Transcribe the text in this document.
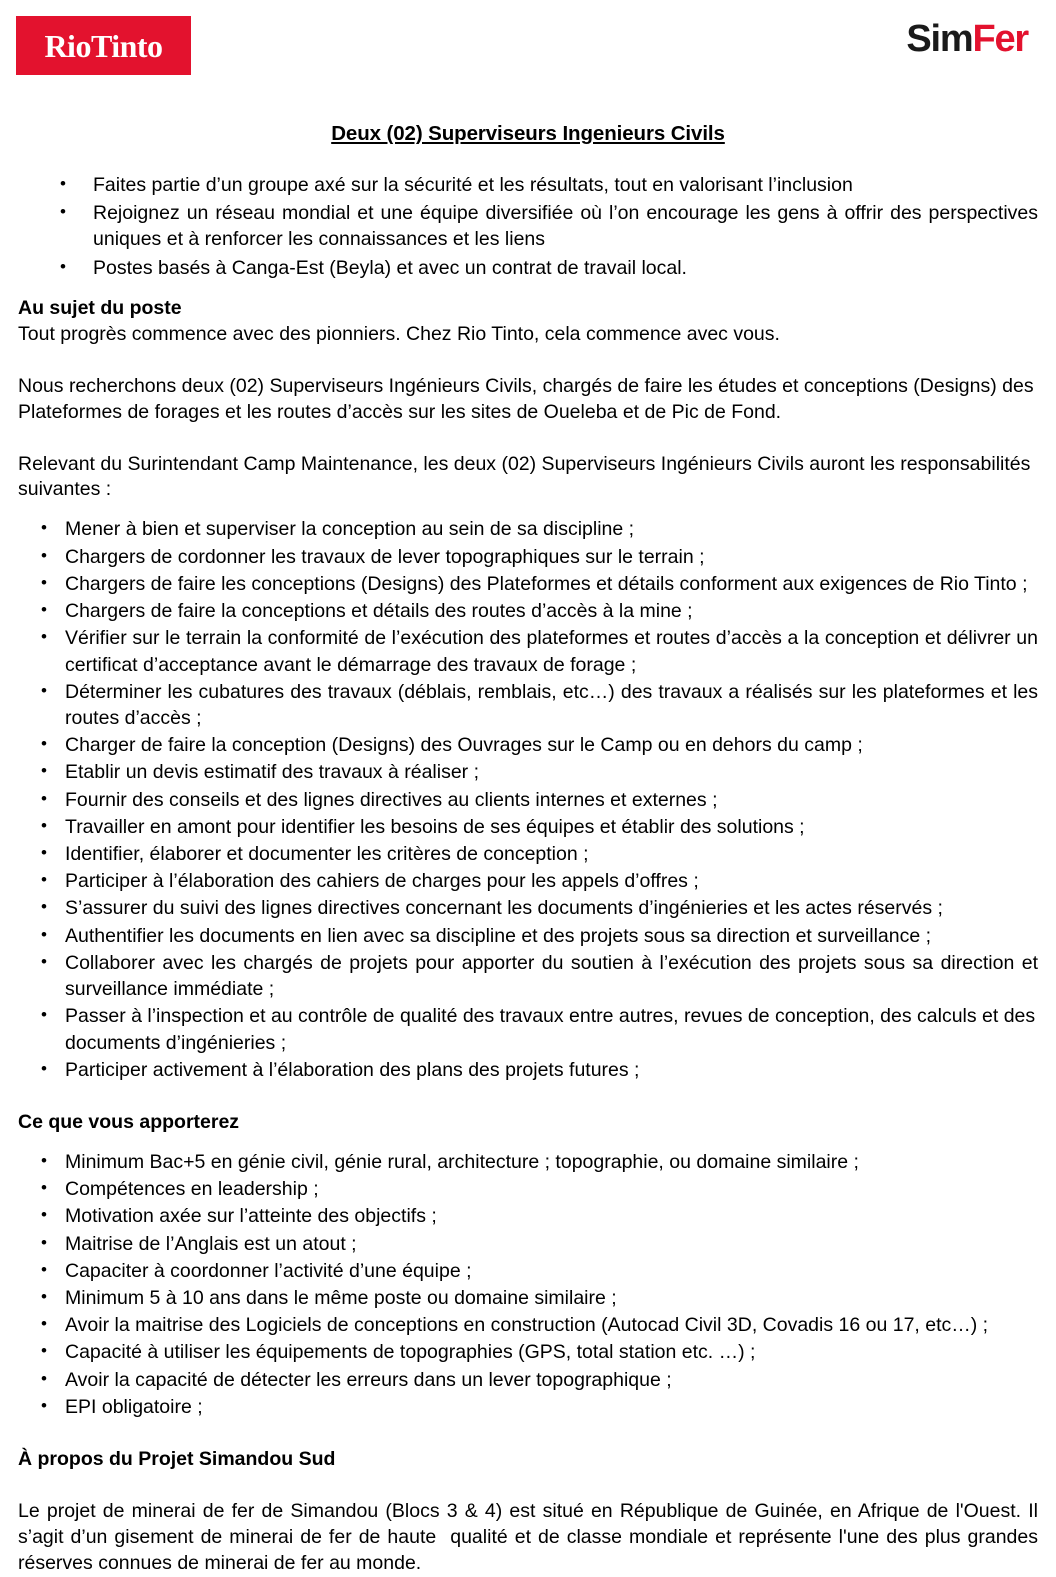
RioTinto	SimFer
Deux (02) Superviseurs Ingenieurs Civils
• Faites partie d’un groupe axé sur la sécurité et les résultats, tout en valorisant l’inclusion
• Rejoignez un réseau mondial et une équipe diversifiée où l’on encourage les gens à offrir des perspectives uniques et à renforcer les connaissances et les liens
• Postes basés à Canga-Est (Beyla) et avec un contrat de travail local.
Au sujet du poste

Tout progrès commence avec des pionniers. Chez Rio Tinto, cela commence avec vous.

Nous recherchons deux (02) Superviseurs Ingénieurs Civils, chargés de faire les études et conceptions (Designs) des Plateformes de forages et les routes d’accès sur les sites de Oueleba et de Pic de Fond.

Relevant du Surintendant Camp Maintenance, les deux (02) Superviseurs Ingénieurs Civils auront les responsabilités suivantes :

• Mener à bien et superviser la conception au sein de sa discipline ;
• Chargers de cordonner les travaux de lever topographiques sur le terrain ;
• Chargers de faire les conceptions (Designs) des Plateformes et détails conforment aux exigences de Rio Tinto ;
• Chargers de faire la conceptions et détails des routes d’accès à la mine ;
• Vérifier sur le terrain la conformité de l’exécution des plateformes et routes d’accès a la conception et délivrer un certificat d’acceptance avant le démarrage des travaux de forage ;
• Déterminer les cubatures des travaux (déblais, remblais, etc…) des travaux a réalisés sur les plateformes et les routes d’accès ;
• Charger de faire la conception (Designs) des Ouvrages sur le Camp ou en dehors du camp ;
• Etablir un devis estimatif des travaux à réaliser ;
• Fournir des conseils et des lignes directives au clients internes et externes ;
• Travailler en amont pour identifier les besoins de ses équipes et établir des solutions ;
• Identifier, élaborer et documenter les critères de conception ;
• Participer à l’élaboration des cahiers de charges pour les appels d’offres ;
• S’assurer du suivi des lignes directives concernant les documents d’ingénieries et les actes réservés ;
• Authentifier les documents en lien avec sa discipline et des projets sous sa direction et surveillance ;
• Collaborer avec les chargés de projets pour apporter du soutien à l’exécution des projets sous sa direction et surveillance immédiate ;
• Passer à l’inspection et au contrôle de qualité des travaux entre autres, revues de conception, des calculs et des documents d’ingénieries ;
• Participer activement à l’élaboration des plans des projets futures ;
Ce que vous apporterez
• Minimum Bac+5 en génie civil, génie rural, architecture ; topographie, ou domaine similaire ;
• Compétences en leadership ;
• Motivation axée sur l’atteinte des objectifs ;
• Maitrise de l’Anglais est un atout ;
• Capaciter à coordonner l’activité d’une équipe ;
• Minimum 5 à 10 ans dans le même poste ou domaine similaire ;
• Avoir la maitrise des Logiciels de conceptions en construction (Autocad Civil 3D, Covadis 16 ou 17, etc…) ;
• Capacité à utiliser les équipements de topographies (GPS, total station etc. …) ;
• Avoir la capacité de détecter les erreurs dans un lever topographique ;
• EPI obligatoire ;
À propos du Projet Simandou Sud

Le projet de minerai de fer de Simandou (Blocs 3 & 4) est situé en République de Guinée, en Afrique de l'Ouest. Il s’agit d’un gisement de minerai de fer de haute  qualité et de classe mondiale et représente l'une des plus grandes réserves connues de minerai de fer au monde.
